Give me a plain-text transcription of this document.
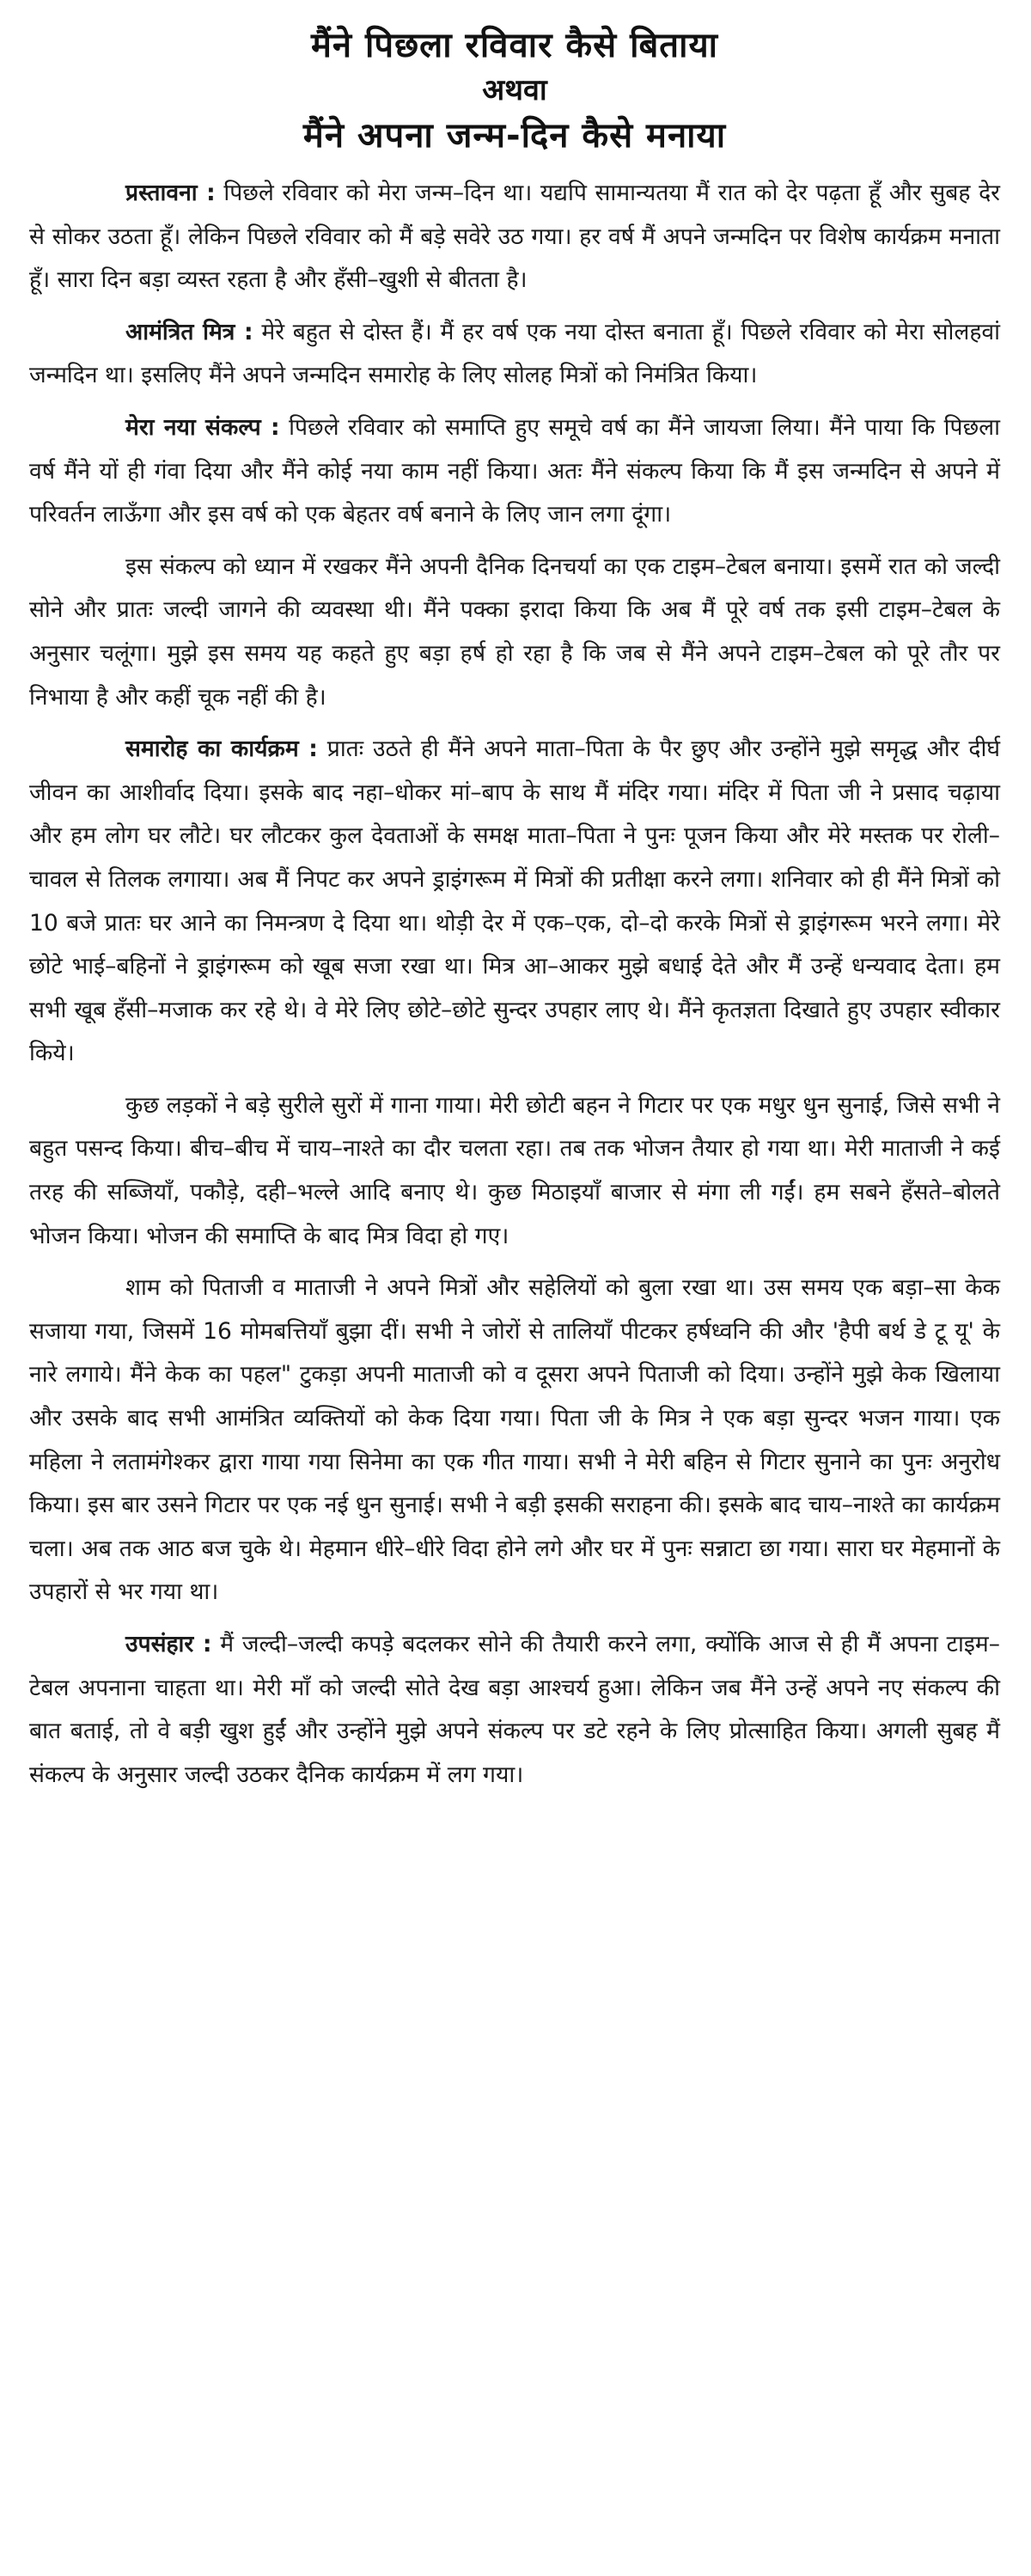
मैंने पिछला रविवार कैसे बिताया
अथवा
मैंने अपना जन्म-दिन कैसे मनाया

प्रस्तावना : पिछले रविवार को मेरा जन्म–दिन था। यद्यपि सामान्यतया मैं रात को देर पढ़ता हूँ और सुबह देर से सोकर उठता हूँ। लेकिन पिछले रविवार को मैं बड़े सवेरे उठ गया। हर वर्ष मैं अपने जन्मदिन पर विशेष कार्यक्रम मनाता हूँ। सारा दिन बड़ा व्यस्त रहता है और हँसी–खुशी से बीतता है।

आमंत्रित मित्र : मेरे बहुत से दोस्त हैं। मैं हर वर्ष एक नया दोस्त बनाता हूँ। पिछले रविवार को मेरा सोलहवां जन्मदिन था। इसलिए मैंने अपने जन्मदिन समारोह के लिए सोलह मित्रों को निमंत्रित किया।

मेरा नया संकल्प : पिछले रविवार को समाप्ति हुए समूचे वर्ष का मैंने जायजा लिया। मैंने पाया कि पिछला वर्ष मैंने यों ही गंवा दिया और मैंने कोई नया काम नहीं किया। अतः मैंने संकल्प किया कि मैं इस जन्मदिन से अपने में परिवर्तन लाऊँगा और इस वर्ष को एक बेहतर वर्ष बनाने के लिए जान लगा दूंगा।

इस संकल्प को ध्यान में रखकर मैंने अपनी दैनिक दिनचर्या का एक टाइम–टेबल बनाया। इसमें रात को जल्दी सोने और प्रातः जल्दी जागने की व्यवस्था थी। मैंने पक्का इरादा किया कि अब मैं पूरे वर्ष तक इसी टाइम–टेबल के अनुसार चलूंगा। मुझे इस समय यह कहते हुए बड़ा हर्ष हो रहा है कि जब से मैंने अपने टाइम–टेबल को पूरे तौर पर निभाया है और कहीं चूक नहीं की है।

समारोह का कार्यक्रम : प्रातः उठते ही मैंने अपने माता–पिता के पैर छुए और उन्होंने मुझे समृद्ध और दीर्घ जीवन का आशीर्वाद दिया। इसके बाद नहा–धोकर मां–बाप के साथ मैं मंदिर गया। मंदिर में पिता जी ने प्रसाद चढ़ाया और हम लोग घर लौटे। घर लौटकर कुल देवताओं के समक्ष माता–पिता ने पुनः पूजन किया और मेरे मस्तक पर रोली–चावल से तिलक लगाया। अब मैं निपट कर अपने ड्राइंगरूम में मित्रों की प्रतीक्षा करने लगा। शनिवार को ही मैंने मित्रों को 10 बजे प्रातः घर आने का निमन्त्रण दे दिया था। थोड़ी देर में एक–एक, दो–दो करके मित्रों से ड्राइंगरूम भरने लगा। मेरे छोटे भाई–बहिनों ने ड्राइंगरूम को खूब सजा रखा था। मित्र आ–आकर मुझे बधाई देते और मैं उन्हें धन्यवाद देता। हम सभी खूब हँसी–मजाक कर रहे थे। वे मेरे लिए छोटे–छोटे सुन्दर उपहार लाए थे। मैंने कृतज्ञता दिखाते हुए उपहार स्वीकार किये।

कुछ लड़कों ने बड़े सुरीले सुरों में गाना गाया। मेरी छोटी बहन ने गिटार पर एक मधुर धुन सुनाई, जिसे सभी ने बहुत पसन्द किया। बीच–बीच में चाय–नाश्ते का दौर चलता रहा। तब तक भोजन तैयार हो गया था। मेरी माताजी ने कई तरह की सब्जियाँ, पकौड़े, दही–भल्ले आदि बनाए थे। कुछ मिठाइयाँ बाजार से मंगा ली गईं। हम सबने हँसते–बोलते भोजन किया। भोजन की समाप्ति के बाद मित्र विदा हो गए।

शाम को पिताजी व माताजी ने अपने मित्रों और सहेलियों को बुला रखा था। उस समय एक बड़ा–सा केक सजाया गया, जिसमें 16 मोमबत्तियाँ बुझा दीं। सभी ने जोरों से तालियाँ पीटकर हर्षध्वनि की और 'हैपी बर्थ डे टू यू' के नारे लगाये। मैंने केक का पहल" टुकड़ा अपनी माताजी को व दूसरा अपने पिताजी को दिया। उन्होंने मुझे केक खिलाया और उसके बाद सभी आमंत्रित व्यक्तियों को केक दिया गया। पिता जी के मित्र ने एक बड़ा सुन्दर भजन गाया। एक महिला ने लतामंगेश्कर द्वारा गाया गया सिनेमा का एक गीत गाया। सभी ने मेरी बहिन से गिटार सुनाने का पुनः अनुरोध किया। इस बार उसने गिटार पर एक नई धुन सुनाई। सभी ने बड़ी इसकी सराहना की। इसके बाद चाय–नाश्ते का कार्यक्रम चला। अब तक आठ बज चुके थे। मेहमान धीरे–धीरे विदा होने लगे और घर में पुनः सन्नाटा छा गया। सारा घर मेहमानों के उपहारों से भर गया था।

उपसंहार : मैं जल्दी–जल्दी कपड़े बदलकर सोने की तैयारी करने लगा, क्योंकि आज से ही मैं अपना टाइम–टेबल अपनाना चाहता था। मेरी माँ को जल्दी सोते देख बड़ा आश्चर्य हुआ। लेकिन जब मैंने उन्हें अपने नए संकल्प की बात बताई, तो वे बड़ी खुश हुईं और उन्होंने मुझे अपने संकल्प पर डटे रहने के लिए प्रोत्साहित किया। अगली सुबह मैं संकल्प के अनुसार जल्दी उठकर दैनिक कार्यक्रम में लग गया।
